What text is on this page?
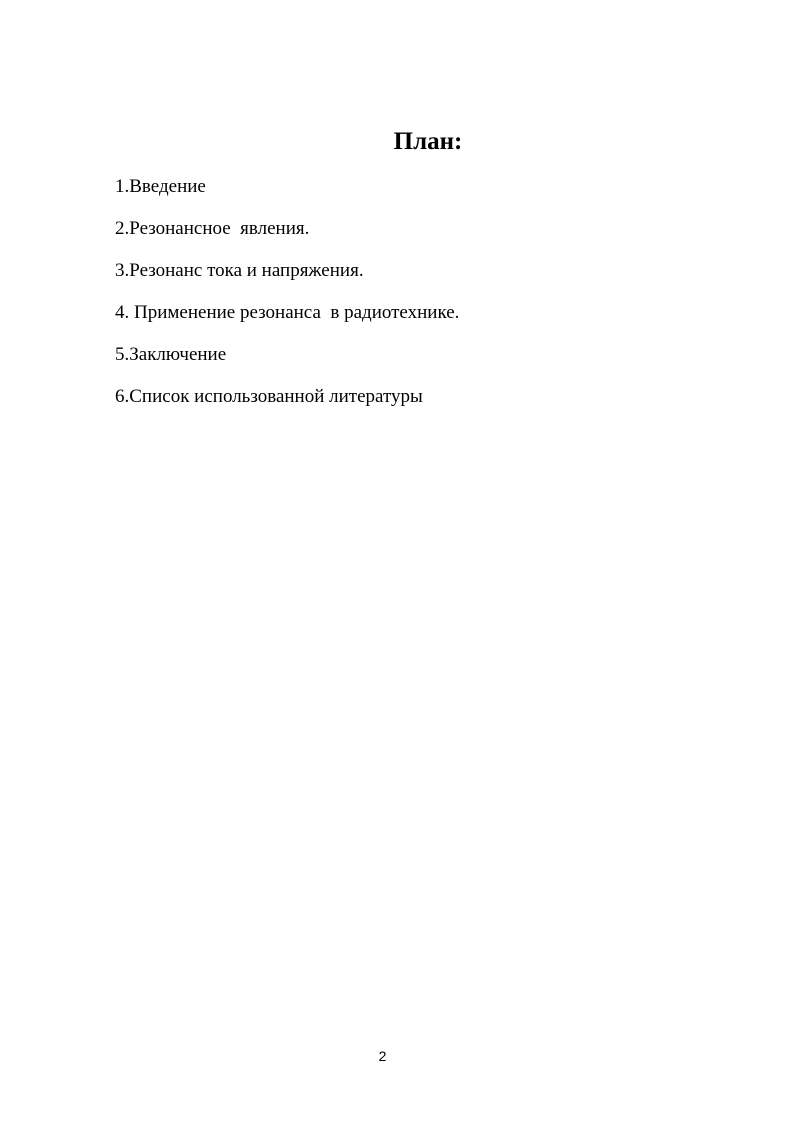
План:
1.Введение
2.Резонансное  явления.
3.Резонанс тока и напряжения.
4. Применение резонанса  в радиотехнике.
5.Заключение
6.Список использованной литературы
2
